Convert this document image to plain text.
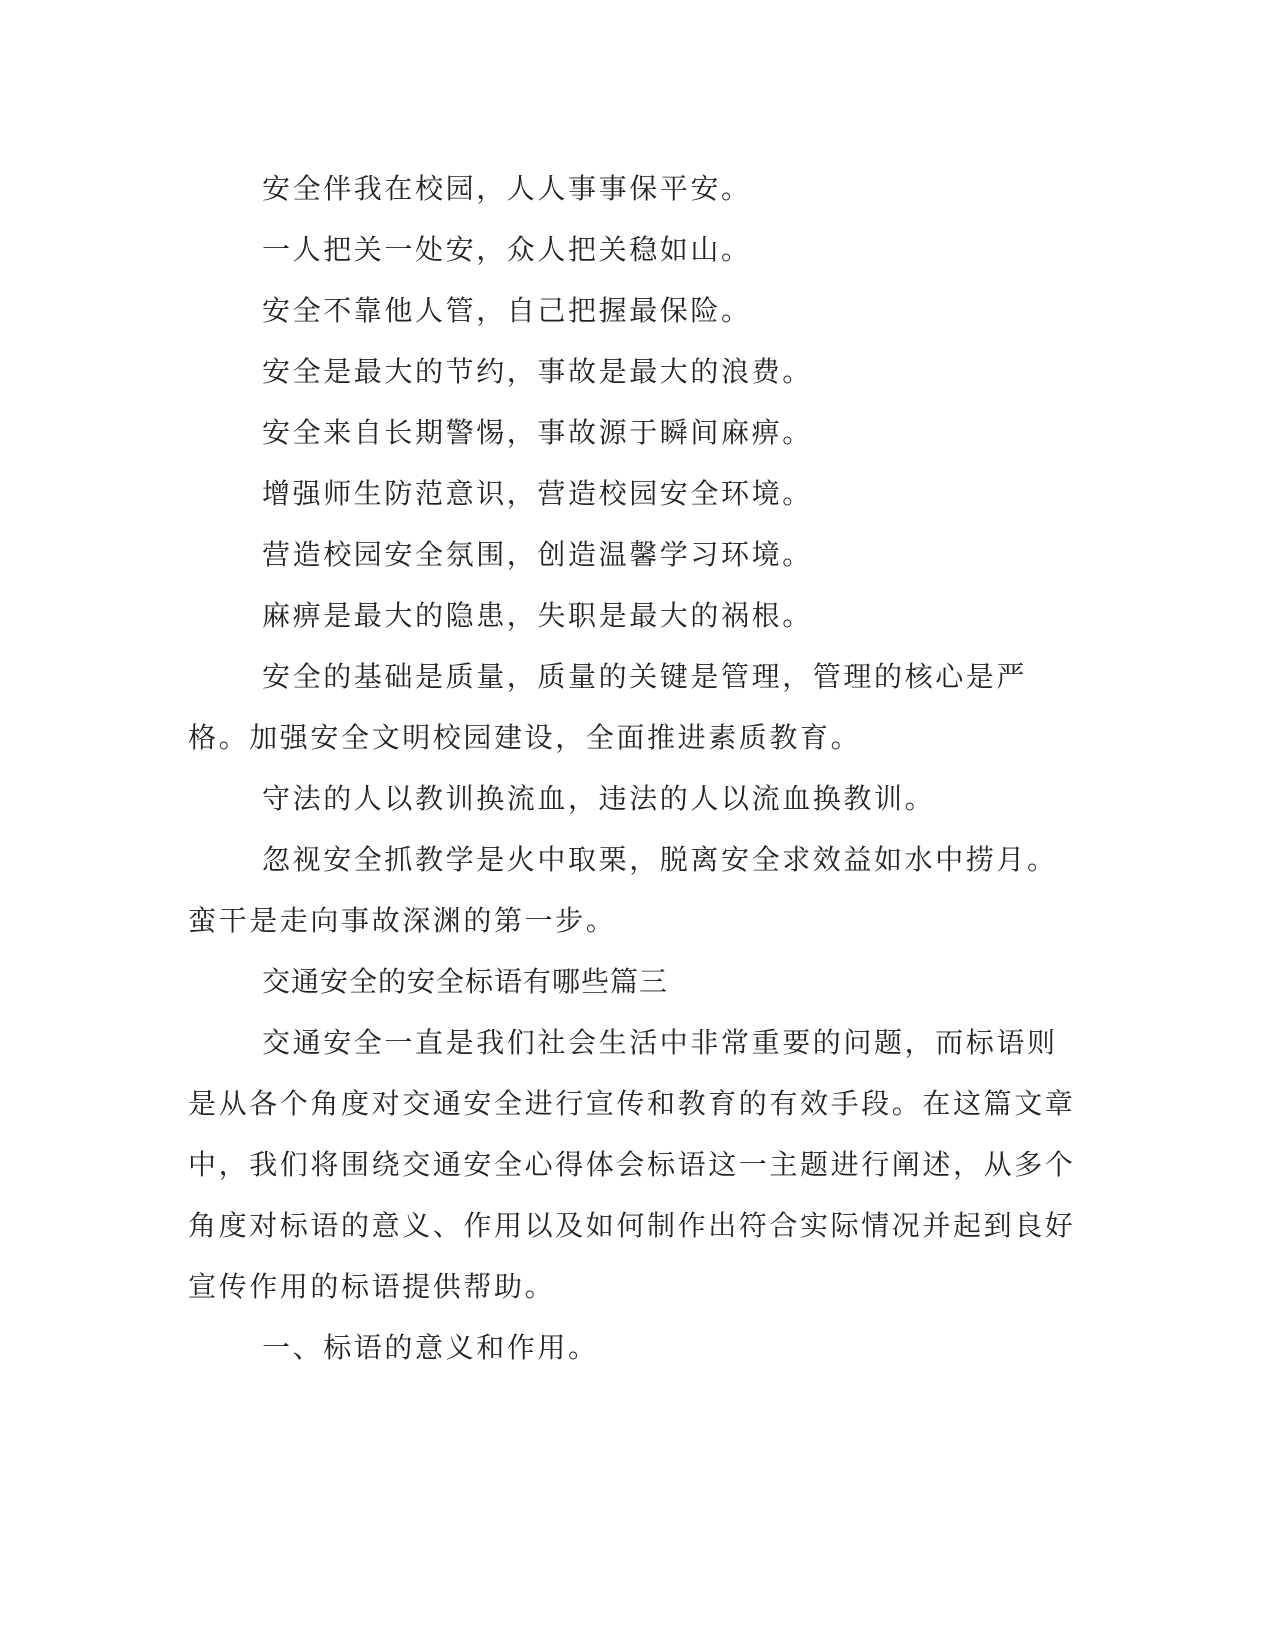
安全伴我在校园，人人事事保平安。

一人把关一处安，众人把关稳如山。

安全不靠他人管，自己把握最保险。

安全是最大的节约，事故是最大的浪费。

安全来自长期警惕，事故源于瞬间麻痹。

增强师生防范意识，营造校园安全环境。

营造校园安全氛围，创造温馨学习环境。

麻痹是最大的隐患，失职是最大的祸根。

安全的基础是质量，质量的关键是管理，管理的核心是严格。加强安全文明校园建设，全面推进素质教育。

守法的人以教训换流血，违法的人以流血换教训。

忽视安全抓教学是火中取栗，脱离安全求效益如水中捞月。蛮干是走向事故深渊的第一步。

交通安全的安全标语有哪些篇三

交通安全一直是我们社会生活中非常重要的问题，而标语则是从各个角度对交通安全进行宣传和教育的有效手段。在这篇文章中，我们将围绕交通安全心得体会标语这一主题进行阐述，从多个角度对标语的意义、作用以及如何制作出符合实际情况并起到良好宣传作用的标语提供帮助。

一、标语的意义和作用。
